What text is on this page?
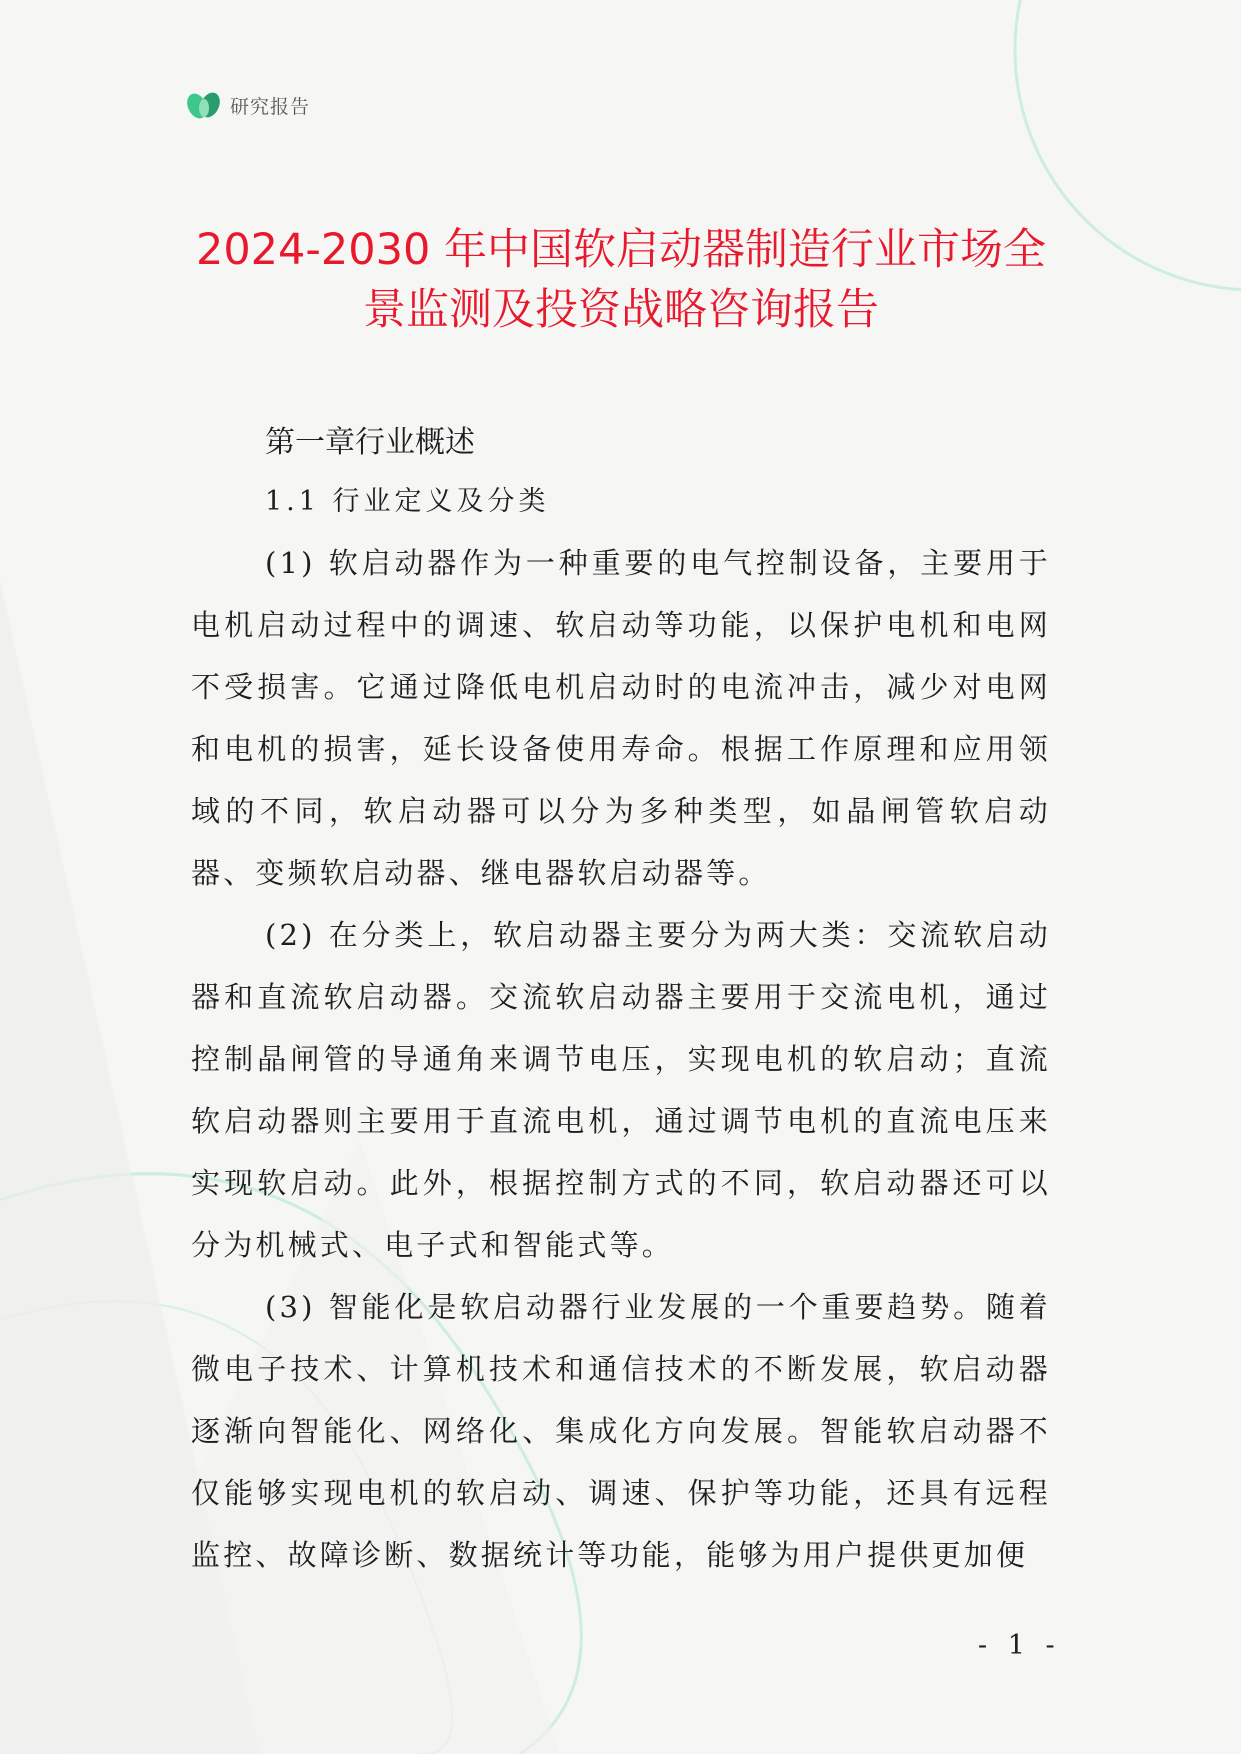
研究报告
2024-2030 年中国软启动器制造行业市场全景监测及投资战略咨询报告
第一章行业概述
1.1 行业定义及分类

(1) 软启动器作为一种重要的电气控制设备，主要用于电机启动过程中的调速、软启动等功能，以保护电机和电网不受损害。它通过降低电机启动时的电流冲击，减少对电网和电机的损害，延长设备使用寿命。根据工作原理和应用领域的不同，软启动器可以分为多种类型，如晶闸管软启动器、变频软启动器、继电器软启动器等。

(2) 在分类上，软启动器主要分为两大类：交流软启动器和直流软启动器。交流软启动器主要用于交流电机，通过控制晶闸管的导通角来调节电压，实现电机的软启动；直流软启动器则主要用于直流电机，通过调节电机的直流电压来实现软启动。此外，根据控制方式的不同，软启动器还可以分为机械式、电子式和智能式等。

(3) 智能化是软启动器行业发展的一个重要趋势。随着微电子技术、计算机技术和通信技术的不断发展，软启动器逐渐向智能化、网络化、集成化方向发展。智能软启动器不仅能够实现电机的软启动、调速、保护等功能，还具有远程监控、故障诊断、数据统计等功能，能够为用户提供更加便

- 1 -
